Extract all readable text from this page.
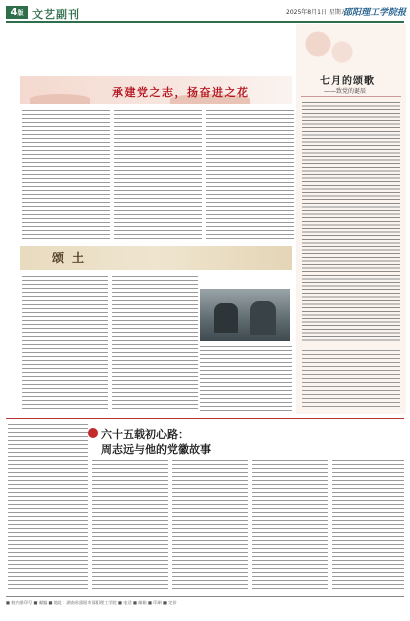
4版 文艺副刊	2025年8月1日 星期五
邵阳理工学院报
承建党之志，扬奋进之花
七月的颂歌
——致党的诞辰
颂土
六十五载初心路：
周志远与他的党徽故事
■ 校内准印号 ■ 邮编 ■ 地址：湖南省邵阳市邵阳理工学院 ■ 电话 ■ 邮箱 ■ 印刷 ■ 定价
